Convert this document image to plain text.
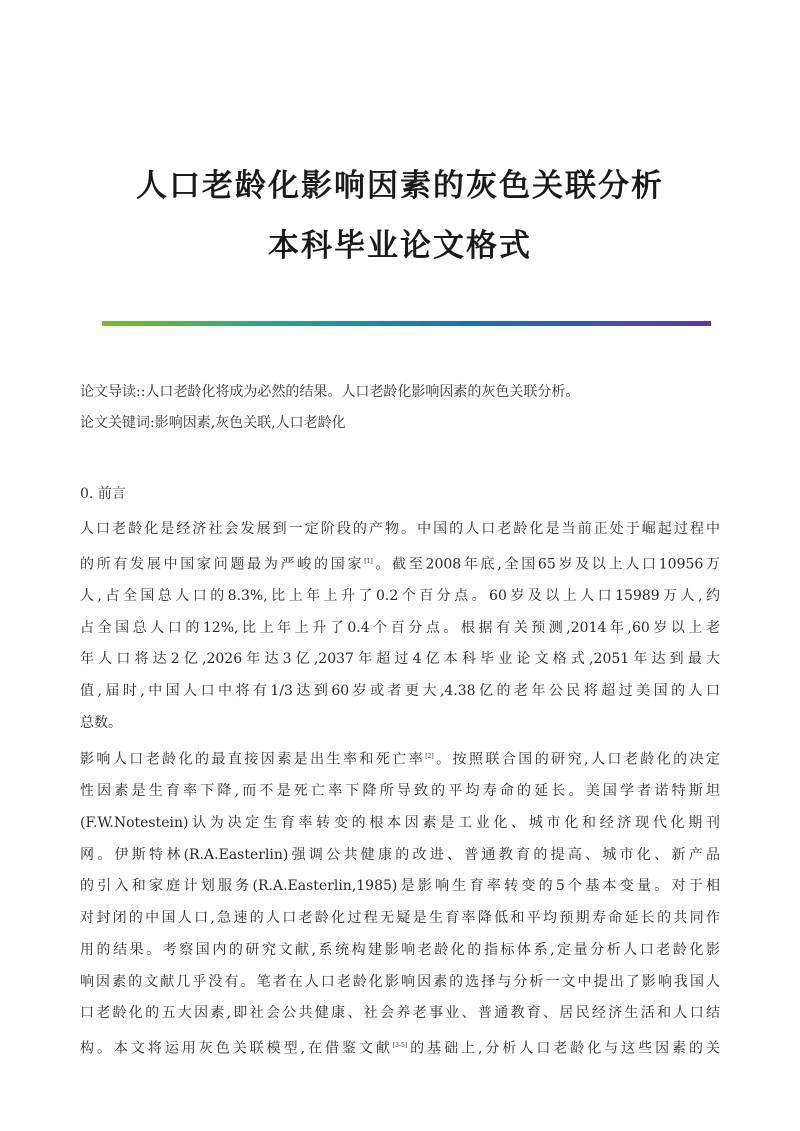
人口老龄化影响因素的灰色关联分析
本科毕业论文格式
论文导读::人口老龄化将成为必然的结果。人口老龄化影响因素的灰色关联分析。
论文关键词:影响因素,灰色关联,人口老龄化
0. 前言
人口老龄化是经济社会发展到一定阶段的产物。中国的人口老龄化是当前正处于崛起过程中
的所有发展中国家问题最为严峻的国家[1]。截至2008年底,全国65岁及以上人口10956万
人,占全国总人口的8.3%,比上年上升了0.2个百分点。60岁及以上人口15989万人,约
占全国总人口的12%,比上年上升了0.4个百分点。根据有关预测,2014年,60岁以上老
年人口将达2亿,2026年达3亿,2037年超过4亿本科毕业论文格式,2051年达到最大
值,届时,中国人口中将有1/3达到60岁或者更大,4.38亿的老年公民将超过美国的人口
总数。
影响人口老龄化的最直接因素是出生率和死亡率[2]。按照联合国的研究,人口老龄化的决定
性因素是生育率下降,而不是死亡率下降所导致的平均寿命的延长。美国学者诺特斯坦
(F.W.Notestein)认为决定生育率转变的根本因素是工业化、城市化和经济现代化期刊
网。伊斯特林(R.A.Easterlin)强调公共健康的改进、普通教育的提高、城市化、新产品
的引入和家庭计划服务(R.A.Easterlin,1985)是影响生育率转变的5个基本变量。对于相
对封闭的中国人口,急速的人口老龄化过程无疑是生育率降低和平均预期寿命延长的共同作
用的结果。考察国内的研究文献,系统构建影响老龄化的指标体系,定量分析人口老龄化影
响因素的文献几乎没有。笔者在人口老龄化影响因素的选择与分析一文中提出了影响我国人
口老龄化的五大因素,即社会公共健康、社会养老事业、普通教育、居民经济生活和人口结
构。本文将运用灰色关联模型,在借鉴文献[3-5]的基础上,分析人口老龄化与这些因素的关
